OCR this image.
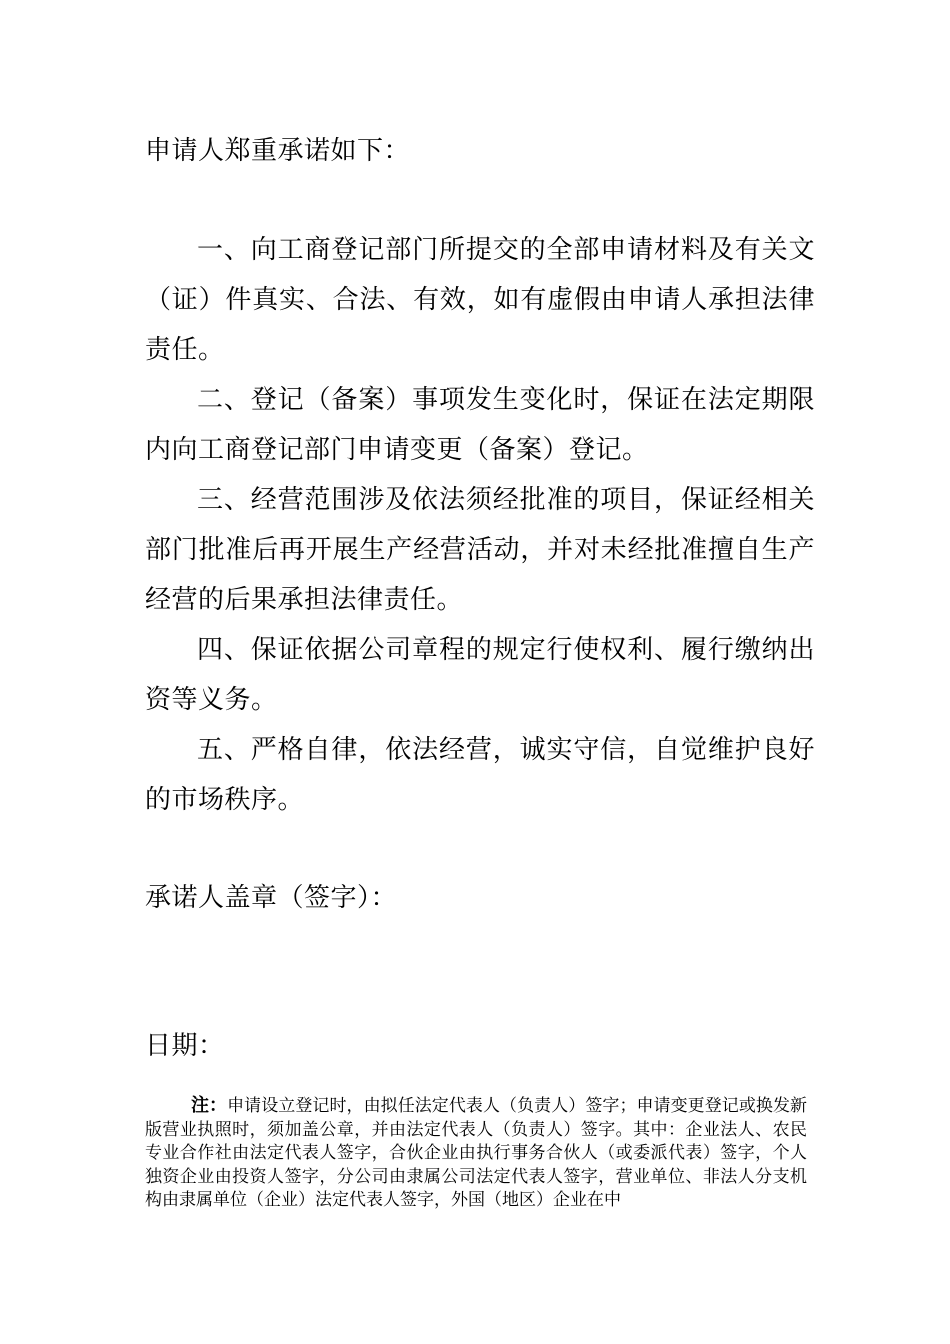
申请人郑重承诺如下：

一、向工商登记部门所提交的全部申请材料及有关文（证）件真实、合法、有效，如有虚假由申请人承担法律责任。

二、登记（备案）事项发生变化时，保证在法定期限内向工商登记部门申请变更（备案）登记。

三、经营范围涉及依法须经批准的项目，保证经相关部门批准后再开展生产经营活动，并对未经批准擅自生产经营的后果承担法律责任。

四、保证依据公司章程的规定行使权利、履行缴纳出资等义务。

五、严格自律，依法经营，诚实守信，自觉维护良好的市场秩序。

承诺人盖章（签字）：
日期：
注：申请设立登记时，由拟任法定代表人（负责人）签字；申请变更登记或换发新版营业执照时，须加盖公章，并由法定代表人（负责人）签字。其中：企业法人、农民专业合作社由法定代表人签字，合伙企业由执行事务合伙人（或委派代表）签字，个人独资企业由投资人签字，分公司由隶属公司法定代表人签字，营业单位、非法人分支机构由隶属单位（企业）法定代表人签字，外国（地区）企业在中
